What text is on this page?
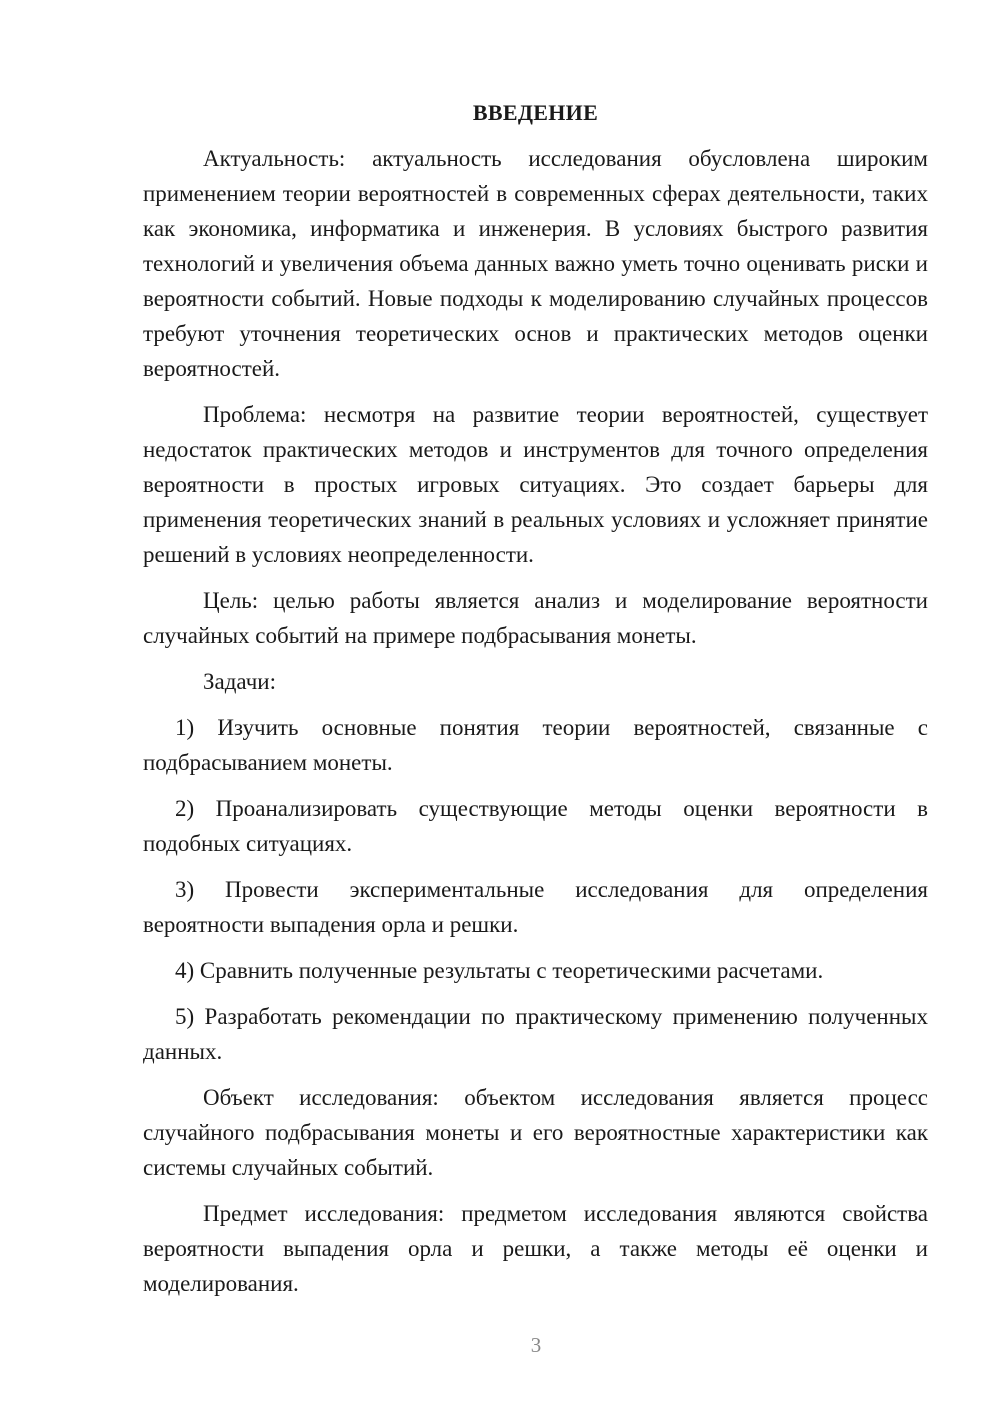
ВВЕДЕНИЕ

Актуальность: актуальность исследования обусловлена широким применением теории вероятностей в современных сферах деятельности, таких как экономика, информатика и инженерия. В условиях быстрого развития технологий и увеличения объема данных важно уметь точно оценивать риски и вероятности событий. Новые подходы к моделированию случайных процессов требуют уточнения теоретических основ и практических методов оценки вероятностей.

Проблема: несмотря на развитие теории вероятностей, существует недостаток практических методов и инструментов для точного определения вероятности в простых игровых ситуациях. Это создает барьеры для применения теоретических знаний в реальных условиях и усложняет принятие решений в условиях неопределенности.

Цель: целью работы является анализ и моделирование вероятности случайных событий на примере подбрасывания монеты.

Задачи:

1) Изучить основные понятия теории вероятностей, связанные с подбрасыванием монеты.

2) Проанализировать существующие методы оценки вероятности в подобных ситуациях.

3) Провести экспериментальные исследования для определения вероятности выпадения орла и решки.

4) Сравнить полученные результаты с теоретическими расчетами.

5) Разработать рекомендации по практическому применению полученных данных.

Объект исследования: объектом исследования является процесс случайного подбрасывания монеты и его вероятностные характеристики как системы случайных событий.

Предмет исследования: предметом исследования являются свойства вероятности выпадения орла и решки, а также методы её оценки и моделирования.

3
